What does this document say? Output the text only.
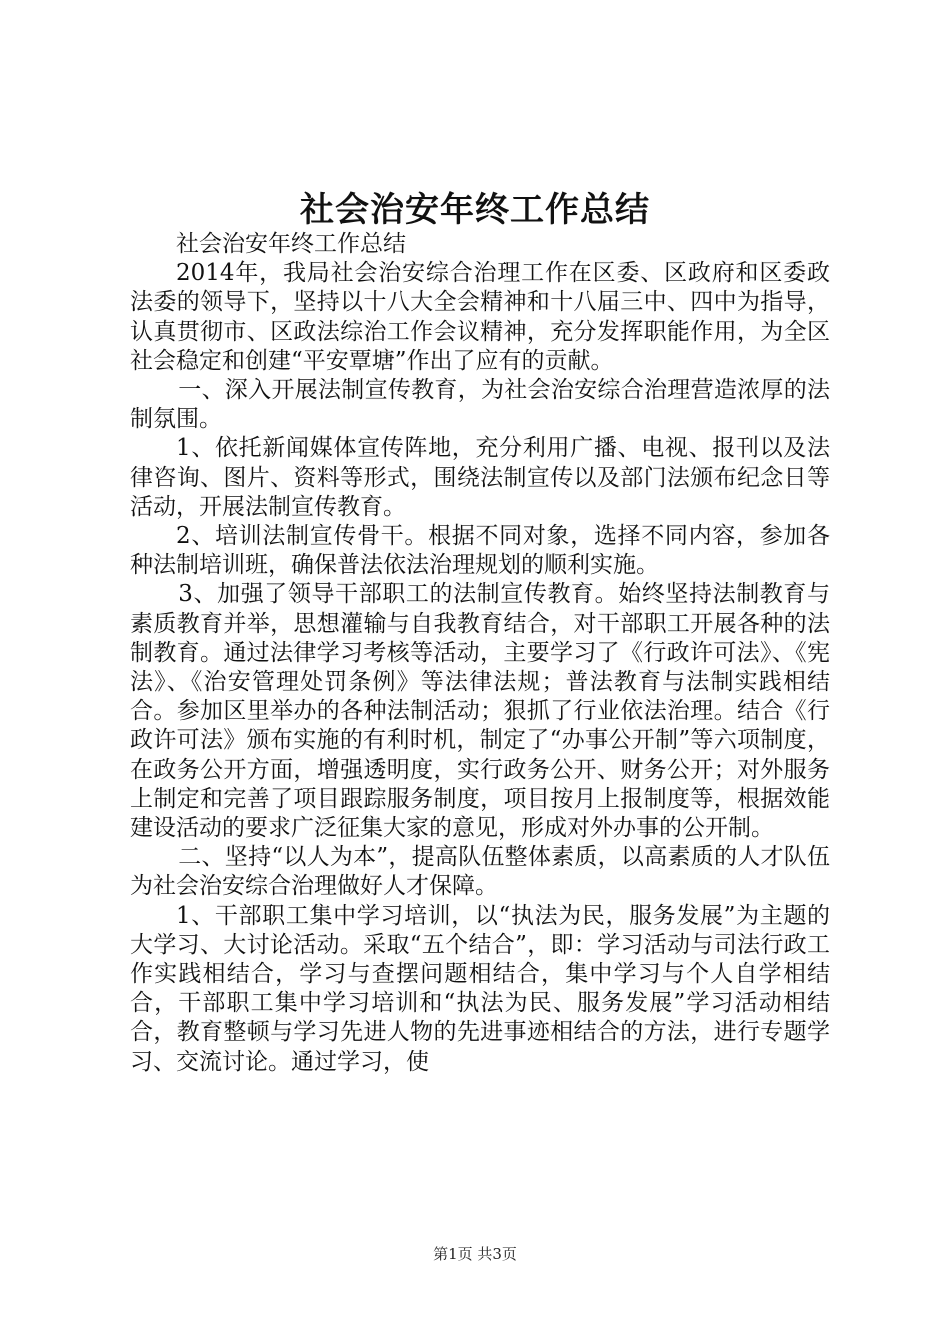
社会治安年终工作总结

社会治安年终工作总结

2014年，我局社会治安综合治理工作在区委、区政府和区委政法委的领导下，坚持以十八大全会精神和十八届三中、四中为指导，认真贯彻市、区政法综治工作会议精神，充分发挥职能作用，为全区社会稳定和创建“平安覃塘”作出了应有的贡献。

一、深入开展法制宣传教育，为社会治安综合治理营造浓厚的法制氛围。

1、依托新闻媒体宣传阵地，充分利用广播、电视、报刊以及法律咨询、图片、资料等形式，围绕法制宣传以及部门法颁布纪念日等活动，开展法制宣传教育。

2、培训法制宣传骨干。根据不同对象，选择不同内容，参加各种法制培训班，确保普法依法治理规划的顺利实施。

3、加强了领导干部职工的法制宣传教育。始终坚持法制教育与素质教育并举，思想灌输与自我教育结合，对干部职工开展各种的法制教育。通过法律学习考核等活动，主要学习了《行政许可法》、《宪法》、《治安管理处罚条例》等法律法规；普法教育与法制实践相结合。参加区里举办的各种法制活动；狠抓了行业依法治理。结合《行政许可法》颁布实施的有利时机，制定了“办事公开制”等六项制度，在政务公开方面，增强透明度，实行政务公开、财务公开；对外服务上制定和完善了项目跟踪服务制度，项目按月上报制度等，根据效能建设活动的要求广泛征集大家的意见，形成对外办事的公开制。

二、坚持“以人为本”，提高队伍整体素质，以高素质的人才队伍为社会治安综合治理做好人才保障。

1、干部职工集中学习培训，以“执法为民，服务发展”为主题的大学习、大讨论活动。采取“五个结合”，即：学习活动与司法行政工作实践相结合，学习与查摆问题相结合，集中学习与个人自学相结合，干部职工集中学习培训和“执法为民、服务发展”学习活动相结合，教育整顿与学习先进人物的先进事迹相结合的方法，进行专题学习、交流讨论。通过学习，使

第1页 共3页
